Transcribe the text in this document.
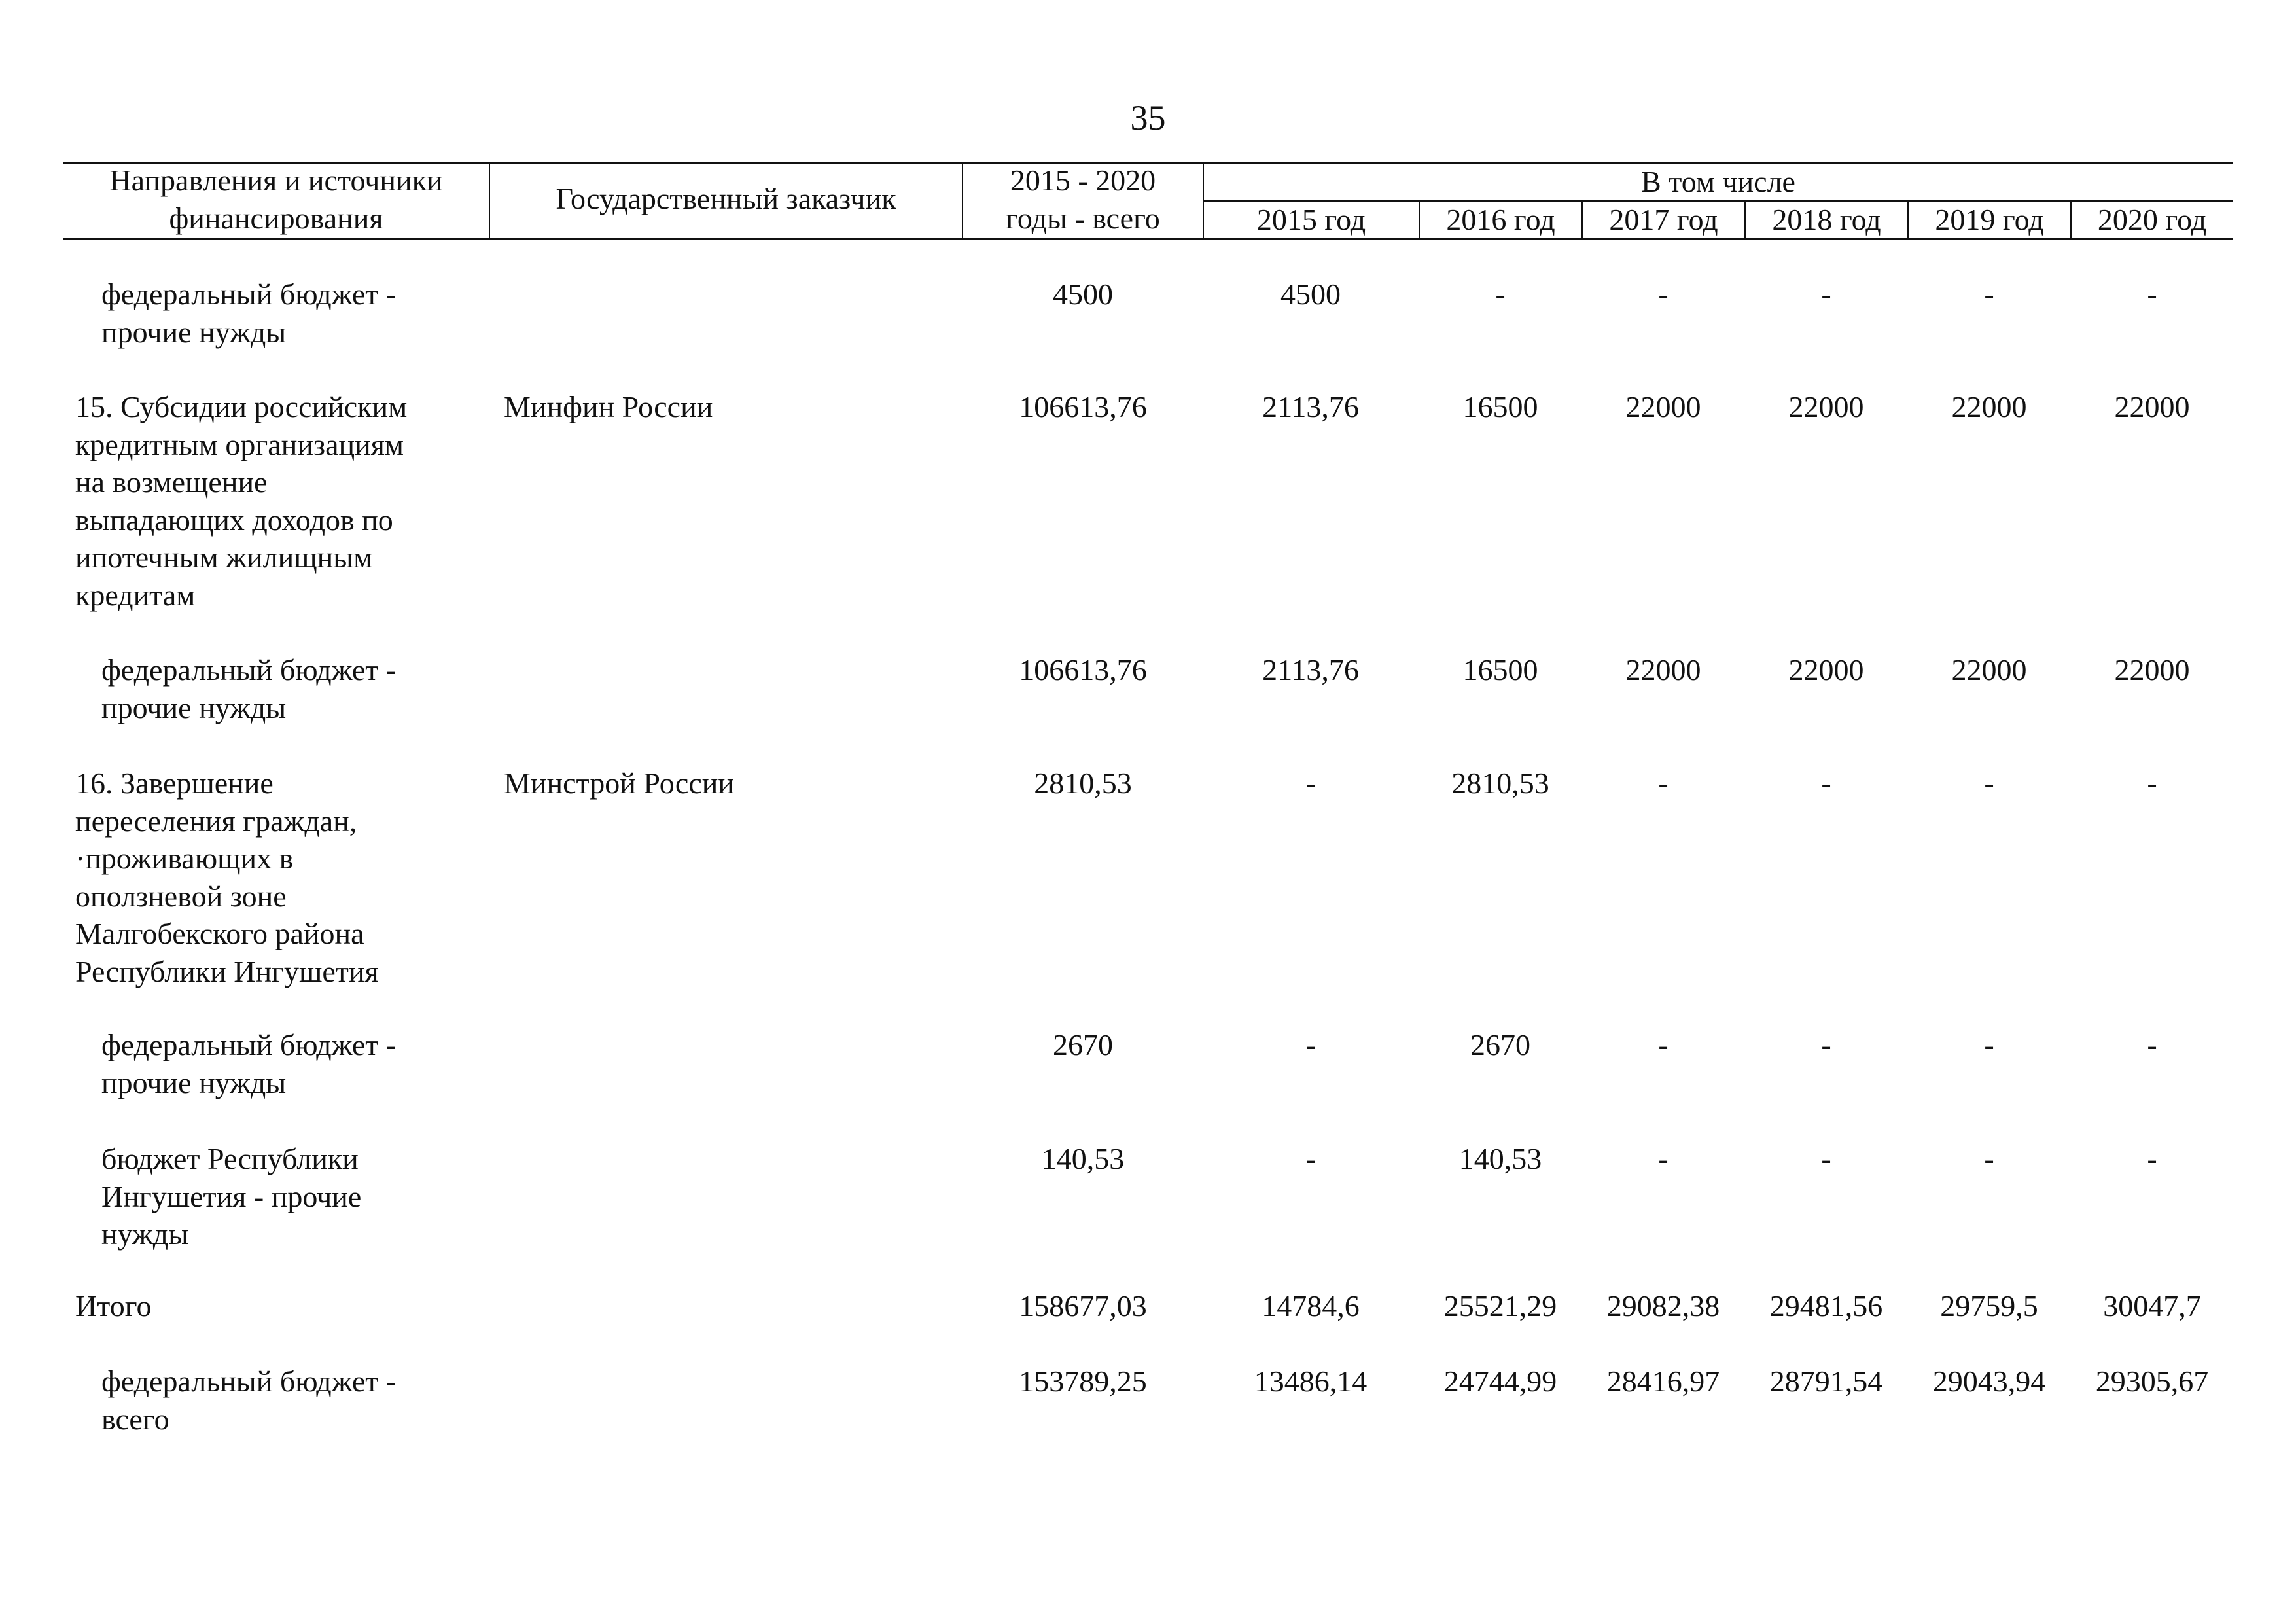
35
Направления и источники
финансирования
Государственный заказчик
2015 - 2020
годы - всего
В том числе
2015 год	2016 год	2017 год	2018 год	2019 год	2020 год
федеральный бюджет -
прочие нужды
4500	4500	-	-	-	-	-
15. Субсидии российским
кредитным организациям
на возмещение
выпадающих доходов по
ипотечным жилищным
кредитам
Минфин России	106613,76	2113,76	16500	22000	22000	22000	22000
федеральный бюджет -
прочие нужды
106613,76	2113,76	16500	22000	22000	22000	22000
16. Завершение
переселения граждан,
·проживающих в
оползневой зоне
Малгобекского района
Республики Ингушетия
Минстрой России	2810,53	-	2810,53	-	-	-	-
федеральный бюджет -
прочие нужды
2670	-	2670	-	-	-	-
бюджет Республики
Ингушетия - прочие
нужды
140,53	-	140,53	-	-	-	-
Итого	158677,03	14784,6	25521,29	29082,38	29481,56	29759,5	30047,7
федеральный бюджет -
всего
153789,25	13486,14	24744,99	28416,97	28791,54	29043,94	29305,67
